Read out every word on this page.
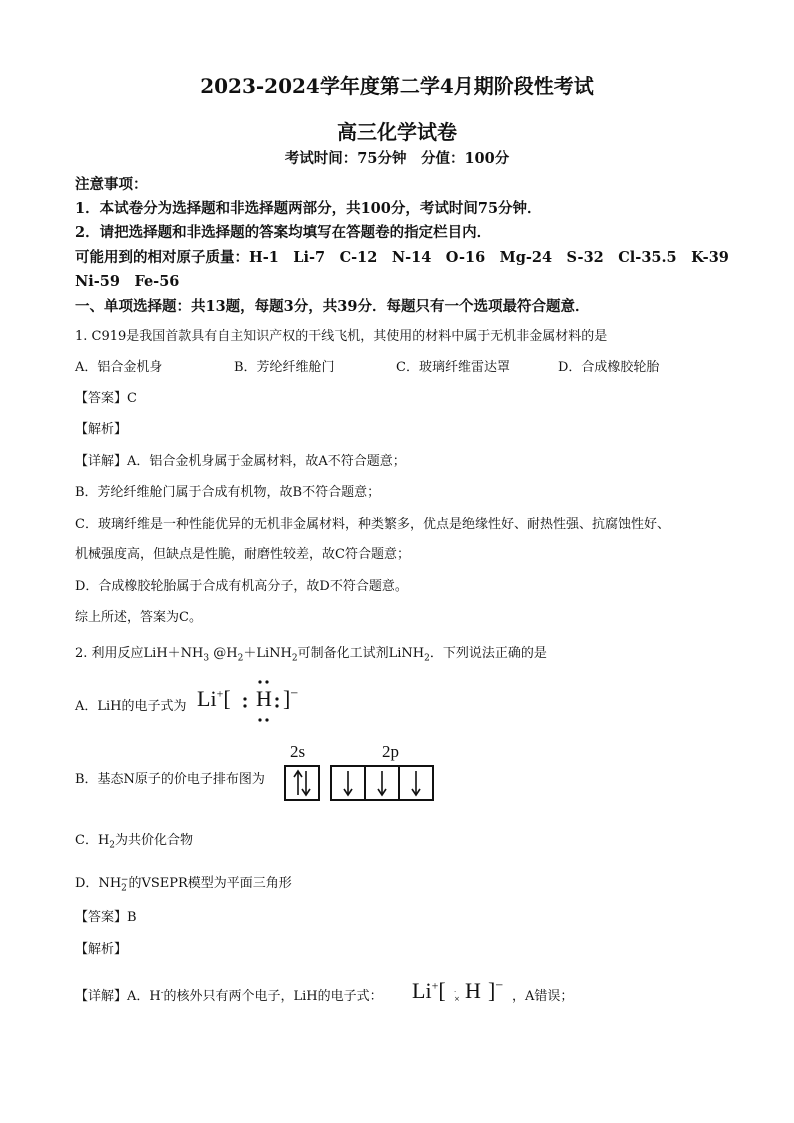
2023-2024学年度第二学4月期阶段性考试
高三化学试卷
考试时间：75分钟　分值：100分
注意事项：
1．本试卷分为选择题和非选择题两部分，共100分，考试时间75分钟．
2．请把选择题和非选择题的答案均填写在答题卷的指定栏目内．
可能用到的相对原子质量：H-1　Li-7　C-12　N-14　O-16　Mg-24　S-32　Cl-35.5　K-39
Ni-59　Fe-56
一、单项选择题：共13题，每题3分，共39分．每题只有一个选项最符合题意．
1. C919是我国首款具有自主知识产权的干线飞机，其使用的材料中属于无机非金属材料的是
A．铝合金机身	B．芳纶纤维舱门	C．玻璃纤维雷达罩	D．合成橡胶轮胎
【答案】C
【解析】
【详解】A．铝合金机身属于金属材料，故A不符合题意；
B．芳纶纤维舱门属于合成有机物，故B不符合题意；
C．玻璃纤维是一种性能优异的无机非金属材料，种类繁多，优点是绝缘性好、耐热性强、抗腐蚀性好、
机械强度高，但缺点是性脆，耐磨性较差，故C符合题意；
D．合成橡胶轮胎属于合成有机高分子，故D不符合题意。
综上所述，答案为C。
2. 利用反应$LiH+NH_3$ $@H_2+LiNH_2$可制备化工试剂LiNH$_2$．下列说法正确的是
A．LiH的电子式为 Li+[ H ]−
2s	2p
B．基态N原子的价电子排布图为
C．$H_2$为共价化合物
D．$NH_2^-$的VSEPR模型为平面三角形
【答案】B
【解析】
【详解】A．H-的核外只有两个电子，LiH的电子式： Li+[ H ]−
·
×	，A错误；
